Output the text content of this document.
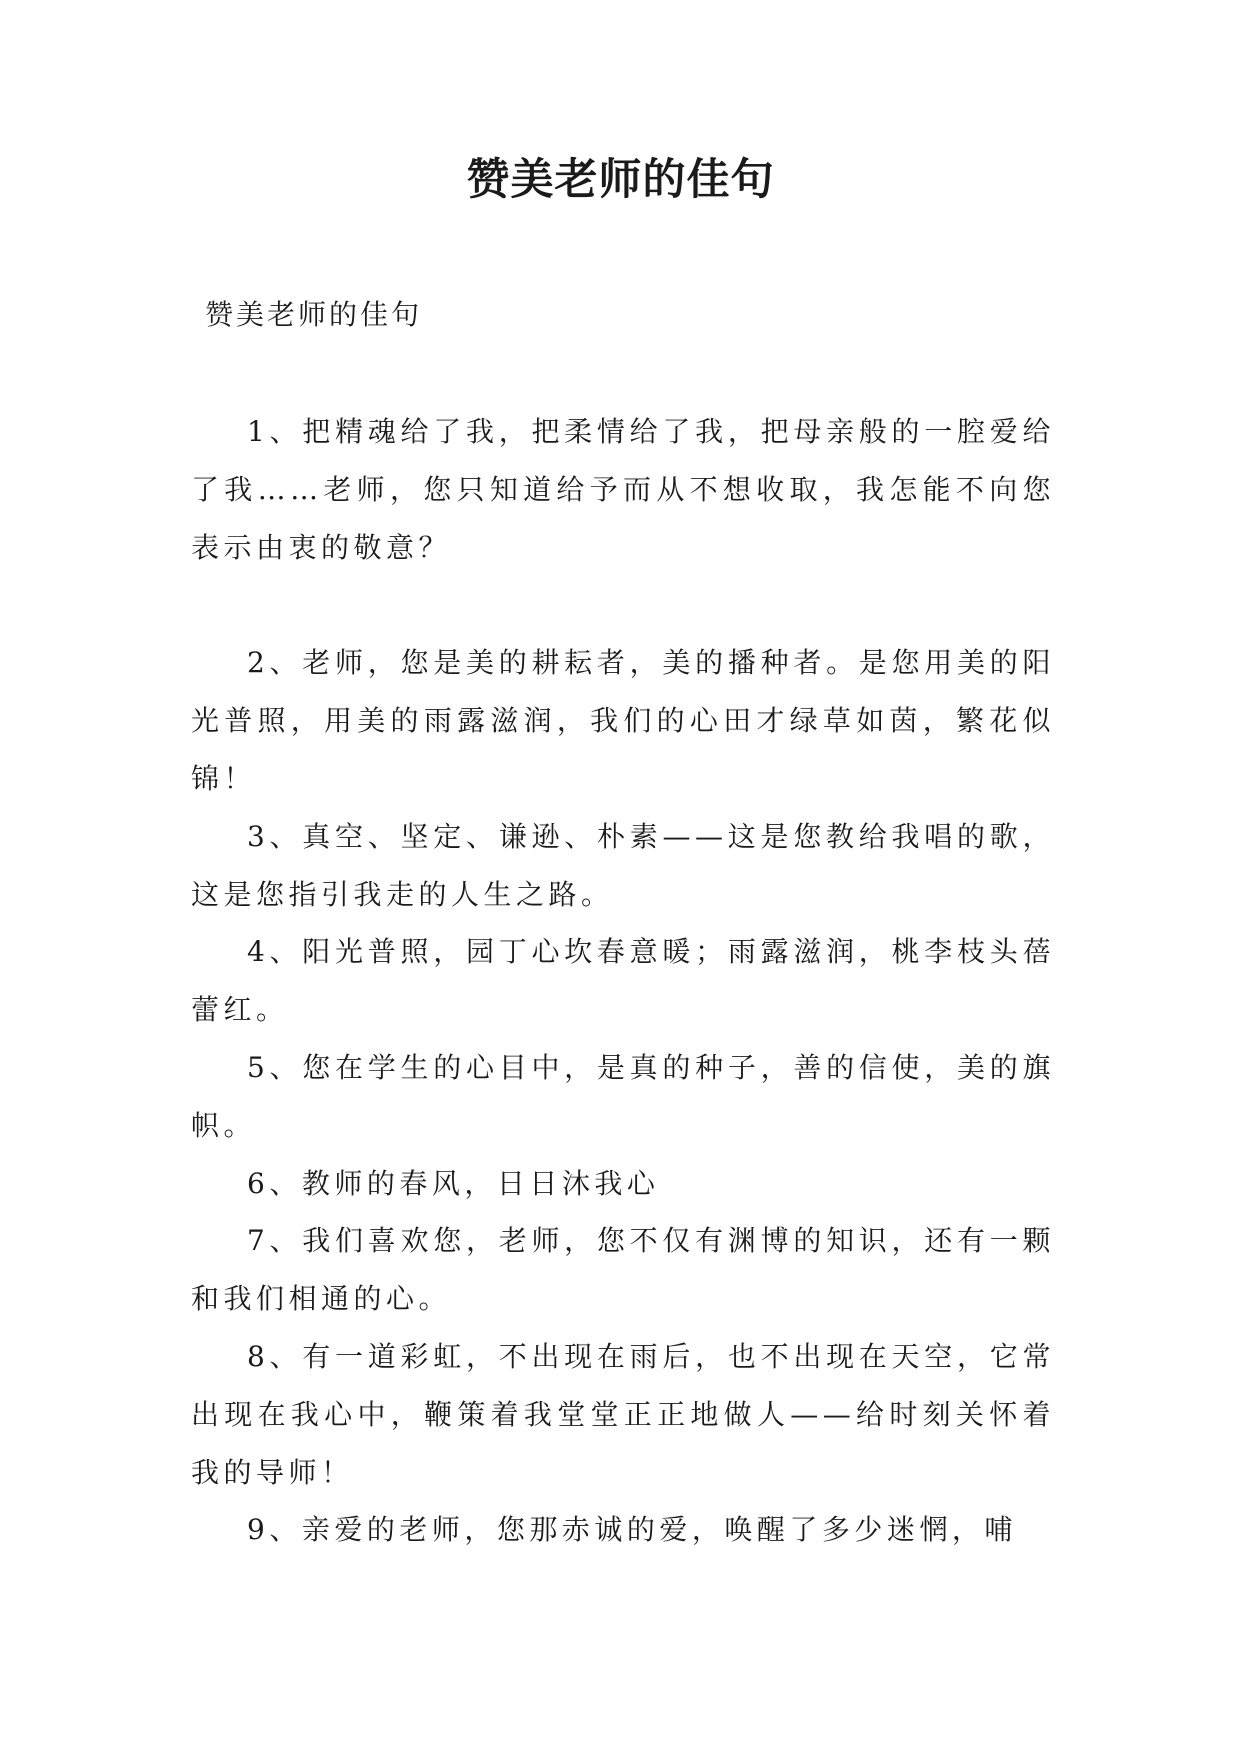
赞美老师的佳句
赞美老师的佳句

1、把精魂给了我，把柔情给了我，把母亲般的一腔爱给了我……老师，您只知道给予而从不想收取，我怎能不向您表示由衷的敬意？

2、老师，您是美的耕耘者，美的播种者。是您用美的阳光普照，用美的雨露滋润，我们的心田才绿草如茵，繁花似锦！

3、真空、坚定、谦逊、朴素——这是您教给我唱的歌，这是您指引我走的人生之路。

4、阳光普照，园丁心坎春意暖；雨露滋润，桃李枝头蓓蕾红。

5、您在学生的心目中，是真的种子，善的信使，美的旗帜。

6、教师的春风，日日沐我心

7、我们喜欢您，老师，您不仅有渊博的知识，还有一颗和我们相通的心。

8、有一道彩虹，不出现在雨后，也不出现在天空，它常出现在我心中，鞭策着我堂堂正正地做人——给时刻关怀着我的导师！

9、亲爱的老师，您那赤诚的爱，唤醒了多少迷惘，哺
